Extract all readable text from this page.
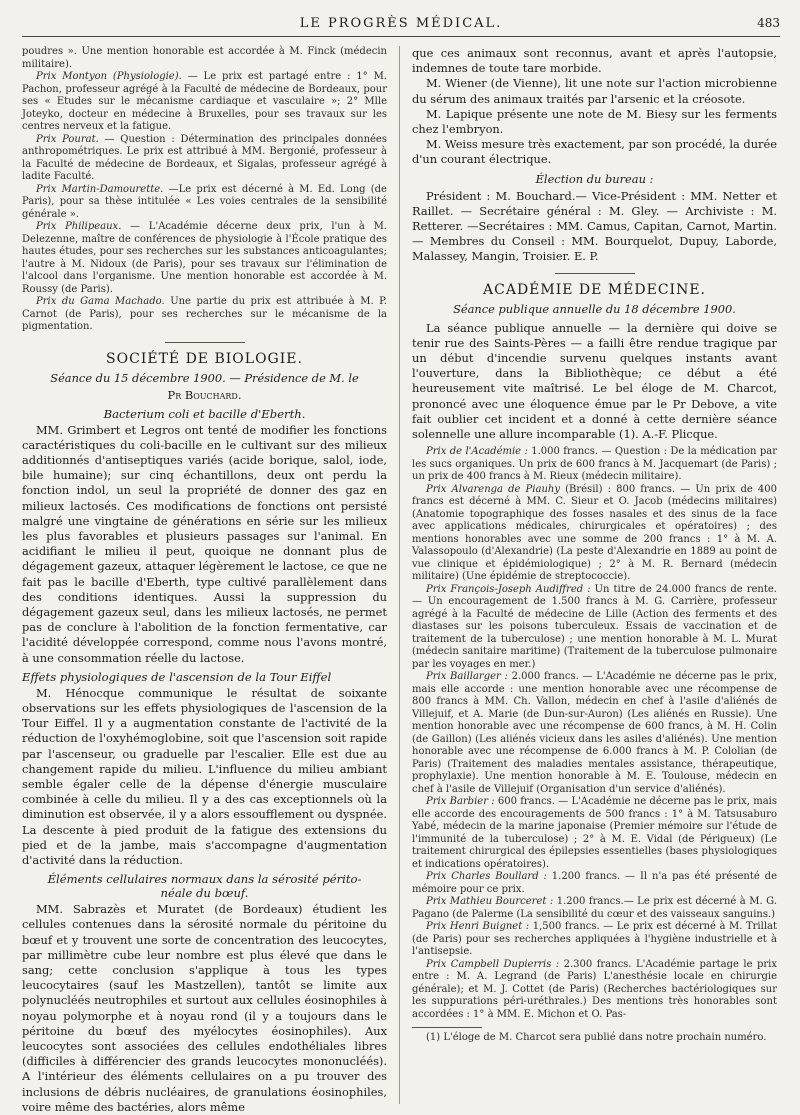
LE PROGRÈS MÉDICAL.	483

poudres ». Une mention honorable est accordée à M. Finck (médecin militaire).

Prix Montyon (Physiologie). — Le prix est partagé entre : 1° M. Pachon, professeur agrégé à la Faculté de médecine de Bordeaux, pour ses « Etudes sur le mécanisme cardiaque et vasculaire »; 2° Mlle Joteyko, docteur en médecine à Bruxelles, pour ses travaux sur les centres nerveux et la fatigue.

Prix Pourat. — Question : Détermination des principales données anthropométriques. Le prix est attribué à MM. Bergonié, professeur à la Faculté de médecine de Bordeaux, et Sigalas, professeur agrégé à ladite Faculté.

Prix Martin-Damourette. —Le prix est décerné à M. Ed. Long (de Paris), pour sa thèse intitulée « Les voies centrales de la sensibilité générale ».

Prix Philipeaux. — L'Académie décerne deux prix, l'un à M. Delezenne, maître de conférences de physiologie à l'École pratique des hautes études, pour ses recherches sur les substances anticoagulantes; l'autre à M. Nidoux (de Paris), pour ses travaux sur l'élimination de l'alcool dans l'organisme. Une mention honorable est accordée à M. Roussy (de Paris).

Prix du Gama Machado. Une partie du prix est attribuée à M. P. Carnot (de Paris), pour ses recherches sur le mécanisme de la pigmentation.

SOCIÉTÉ DE BIOLOGIE.
Séance du 15 décembre 1900. — Présidence de M. le
Pr Bouchard.
Bacterium coli et bacille d'Eberth.

MM. Grimbert et Legros ont tenté de modifier les fonctions caractéristiques du coli-bacille en le cultivant sur des milieux additionnés d'antiseptiques variés (acide borique, salol, iode, bile humaine); sur cinq échantillons, deux ont perdu la fonction indol, un seul la propriété de donner des gaz en milieux lactosés. Ces modifications de fonctions ont persisté malgré une vingtaine de générations en série sur les milieux les plus favorables et plusieurs passages sur l'animal. En acidifiant le milieu il peut, quoique ne donnant plus de dégagement gazeux, attaquer légèrement le lactose, ce que ne fait pas le bacille d'Eberth, type cultivé parallèlement dans des conditions identiques. Aussi la suppression du dégagement gazeux seul, dans les milieux lactosés, ne permet pas de conclure à l'abolition de la fonction fermentative, car l'acidité développée correspond, comme nous l'avons montré, à une consommation réelle du lactose.

Effets physiologiques de l'ascension de la Tour Eiffel

M. Hénocque communique le résultat de soixante observations sur les effets physiologiques de l'ascension de la Tour Eiffel. Il y a augmentation constante de l'activité de la réduction de l'oxyhémoglobine, soit que l'ascension soit rapide par l'ascenseur, ou graduelle par l'escalier. Elle est due au changement rapide du milieu. L'influence du milieu ambiant semble égaler celle de la dépense d'énergie musculaire combinée à celle du milieu. Il y a des cas exceptionnels où la diminution est observée, il y a alors essoufflement ou dyspnée. La descente à pied produit de la fatigue des extensions du pied et de la jambe, mais s'accompagne d'augmentation d'activité dans la réduction.

Éléments cellulaires normaux dans la sérosité périto-
néale du bœuf.

MM. Sabrazès et Muratet (de Bordeaux) étudient les cellules contenues dans la sérosité normale du péritoine du bœuf et y trouvent une sorte de concentration des leucocytes, par millimètre cube leur nombre est plus élevé que dans le sang; cette conclusion s'applique à tous les types leucocytaires (sauf les Mastzellen), tantôt se limite aux polynucléés neutrophiles et surtout aux cellules éosinophiles à noyau polymorphe et à noyau rond (il y a toujours dans le péritoine du bœuf des myélocytes éosinophiles). Aux leucocytes sont associées des cellules endothéliales libres (difficiles à différencier des grands leucocytes mononucléés). A l'intérieur des éléments cellulaires on a pu trouver des inclusions de débris nucléaires, de granulations éosinophiles, voire même des bactéries, alors même

que ces animaux sont reconnus, avant et après l'autopsie, indemnes de toute tare morbide.

M. Wiener (de Vienne), lit une note sur l'action microbienne du sérum des animaux traités par l'arsenic et la créosote.

M. Lapique présente une note de M. Biesy sur les ferments chez l'embryon.

M. Weiss mesure très exactement, par son procédé, la durée d'un courant électrique.

Élection du bureau :

Président : M. Bouchard.— Vice-Président : MM. Netter et Raillet. — Secrétaire général : M. Gley. — Archiviste : M. Retterer. —Secrétaires : MM. Camus, Capitan, Carnot, Martin. — Membres du Conseil : MM. Bourquelot, Dupuy, Laborde, Malassey, Mangin, Troisier. E. P.

ACADÉMIE DE MÉDECINE.
Séance publique annuelle du 18 décembre 1900.

La séance publique annuelle — la dernière qui doive se tenir rue des Saints-Pères — a failli être rendue tragique par un début d'incendie survenu quelques instants avant l'ouverture, dans la Bibliothèque; ce début a été heureusement vite maîtrisé. Le bel éloge de M. Charcot, prononcé avec une éloquence émue par le Pr Debove, a vite fait oublier cet incident et a donné à cette dernière séance solennelle une allure incomparable (1). A.-F. Plicque.

Prix de l'Académie : 1.000 francs. — Question : De la médication par les sucs organiques. Un prix de 600 francs à M. Jacquemart (de Paris) ; un prix de 400 francs à M. Rieux (médecin militaire).

Prix Alvarenga de Piauhy (Brésil) : 800 francs. — Un prix de 400 francs est décerné à MM. C. Sieur et O. Jacob (médecins militaires) (Anatomie topographique des fosses nasales et des sinus de la face avec applications médicales, chirurgicales et opératoires) ; des mentions honorables avec une somme de 200 francs : 1° à M. A. Valassopoulo (d'Alexandrie) (La peste d'Alexandrie en 1889 au point de vue clinique et épidémiologique) ; 2° à M. R. Bernard (médecin militaire) (Une épidémie de streptococcie).

Prix François-Joseph Audiffred : Un titre de 24.000 francs de rente. — Un encouragement de 1.500 francs à M. G. Carrière, professeur agrégé à la Faculté de médecine de Lille (Action des ferments et des diastases sur les poisons tuberculeux. Essais de vaccination et de traitement de la tuberculose) ; une mention honorable à M. L. Murat (médecin sanitaire maritime) (Traitement de la tuberculose pulmonaire par les voyages en mer.)

Prix Baillarger : 2.000 francs. — L'Académie ne décerne pas le prix, mais elle accorde : une mention honorable avec une récompense de 800 francs à MM. Ch. Vallon, médecin en chef à l'asile d'aliénés de Villejuif, et A. Marie (de Dun-sur-Auron) (Les aliénés en Russie). Une mention honorable avec une récompense de 600 francs, à M. H. Colin (de Gaillon) (Les aliénés vicieux dans les asiles d'aliénés). Une mention honorable avec une récompense de 6.000 francs à M. P. Cololian (de Paris) (Traitement des maladies mentales assistance, thérapeutique, prophylaxie). Une mention honorable à M. E. Toulouse, médecin en chef à l'asile de Villejuif (Organisation d'un service d'aliénés).

Prix Barbier : 600 francs. — L'Académie ne décerne pas le prix, mais elle accorde des encouragements de 500 francs : 1° à M. Tatsusaburo Yabé, médecin de la marine japonaise (Premier mémoire sur l'étude de l'immunité de la tuberculose) ; 2° à M. E. Vidal (de Périgueux) (Le traitement chirurgical des épilepsies essentielles (bases physiologiques et indications opératoires).

Prix Charles Boullard : 1.200 francs. — Il n'a pas été présenté de mémoire pour ce prix.

Prix Mathieu Bourceret : 1.200 francs.— Le prix est décerné à M. G. Pagano (de Palerme (La sensibilité du cœur et des vaisseaux sanguins.)

Prix Henri Buignet : 1,500 francs. — Le prix est décerné à M. Trillat (de Paris) pour ses recherches appliquées à l'hygiène industrielle et à l'antisepsie.

Prix Campbell Dupierris : 2.300 francs. L'Académie partage le prix entre : M. A. Legrand (de Paris) L'anesthésie locale en chirurgie générale); et M. J. Cottet (de Paris) (Recherches bactériologiques sur les suppurations péri-uréthrales.) Des mentions très honorables sont accordées : 1° à MM. E. Michon et O. Pas-

(1) L'éloge de M. Charcot sera publié dans notre prochain numéro.
